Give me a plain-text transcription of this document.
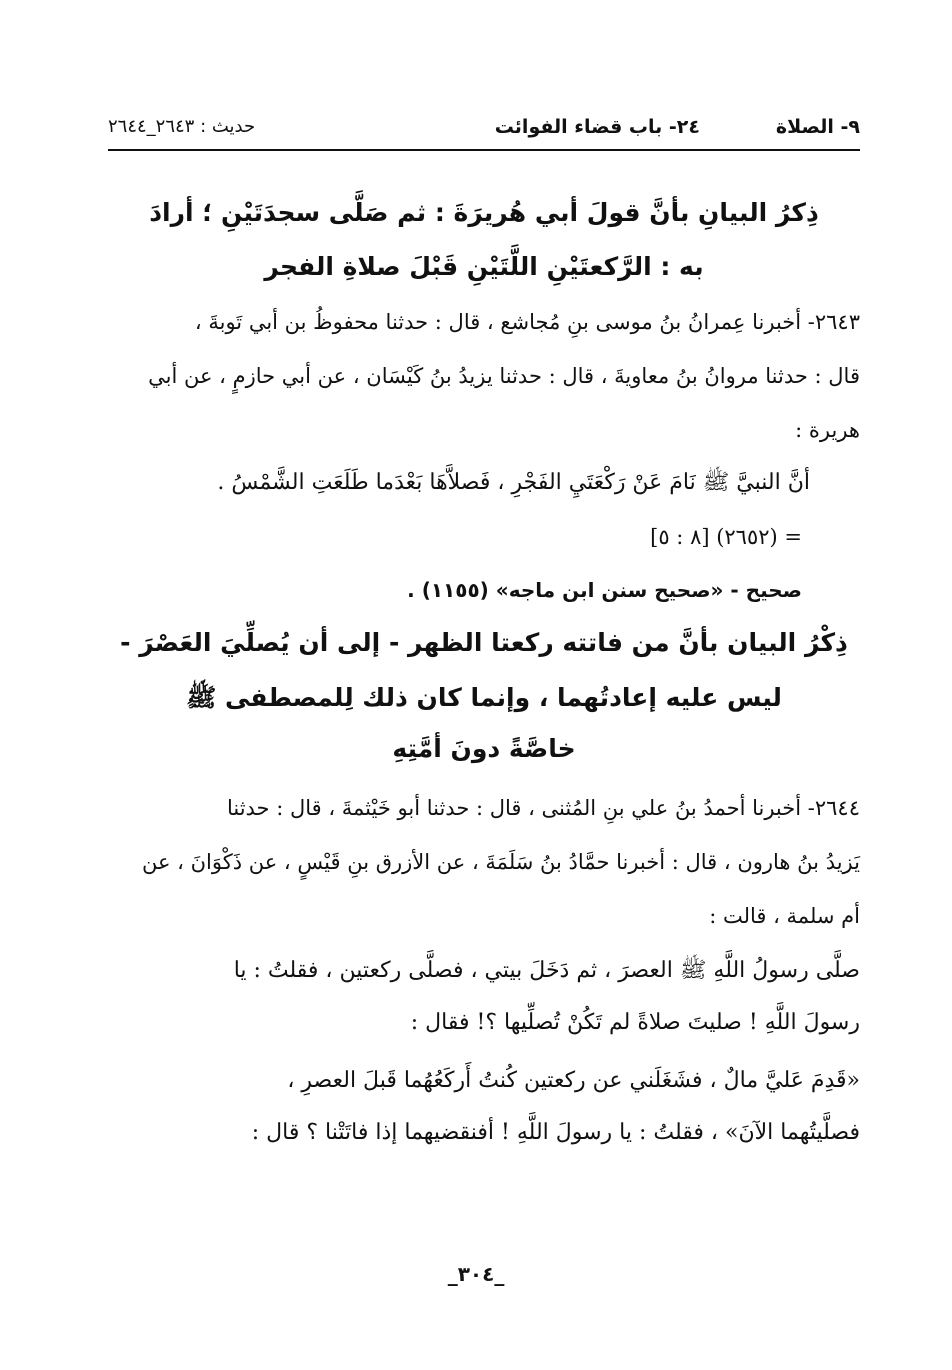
٩- الصلاة
٢٤- باب قضاء الفوائت
حديث : ٢٦٤٣_٢٦٤٤
ذِكرُ البيانِ بأنَّ قولَ أبي هُريرَةَ : ثم صَلَّى سجدَتَيْنِ ؛ أرادَ
به : الرَّكعتَيْنِ اللَّتَيْنِ قَبْلَ صلاةِ الفجر
٢٦٤٣- أخبرنا عِمرانُ بنُ موسى بنِ مُجاشع ، قال : حدثنا محفوظُ بن أبي تَوبةَ ،
قال : حدثنا مروانُ بنُ معاويةَ ، قال : حدثنا يزيدُ بنُ كَيْسَان ، عن أبي حازمٍ ، عن أبي
هريرة :
أنَّ النبيَّ ﷺ نَامَ عَنْ رَكْعَتَيِ الفَجْرِ ، فَصلاَّهَا بَعْدَما طَلَعَتِ الشَّمْسُ .
= (٢٦٥٢) [٨ : ٥]
صحيح - «صحيح سنن ابن ماجه» (١١٥٥) .
ذِكْرُ البيان بأنَّ من فاتته ركعتا الظهر - إلى أن يُصلِّيَ العَصْرَ -
ليس عليه إعادتُهما ، وإنما كان ذلك لِلمصطفى ﷺ
خاصَّةً دونَ أمَّتِهِ
٢٦٤٤- أخبرنا أحمدُ بنُ علي بنِ المُثنى ، قال : حدثنا أبو خَيْثمةَ ، قال : حدثنا
يَزيدُ بنُ هارون ، قال : أخبرنا حمَّادُ بنُ سَلَمَةَ ، عن الأزرق بنِ قَيْسٍ ، عن ذَكْوَانَ ، عن
أم سلمة ، قالت :
صلَّى رسولُ اللَّهِ ﷺ العصرَ ، ثم دَخَلَ بيتي ، فصلَّى ركعتين ، فقلتُ : يا
رسولَ اللَّهِ ! صليتَ صلاةً لم تَكُنْ تُصلِّيها ؟! فقال :
«قَدِمَ عَليَّ مالٌ ، فشَغَلَني عن ركعتين كُنتُ أَركَعُهُما قَبلَ العصرِ ،
فصلَّيتُهما الآنَ» ، فقلتُ : يا رسولَ اللَّهِ ! أفنقضيهما إذا فاتَتْنا ؟ قال :
_٣٠٤_
